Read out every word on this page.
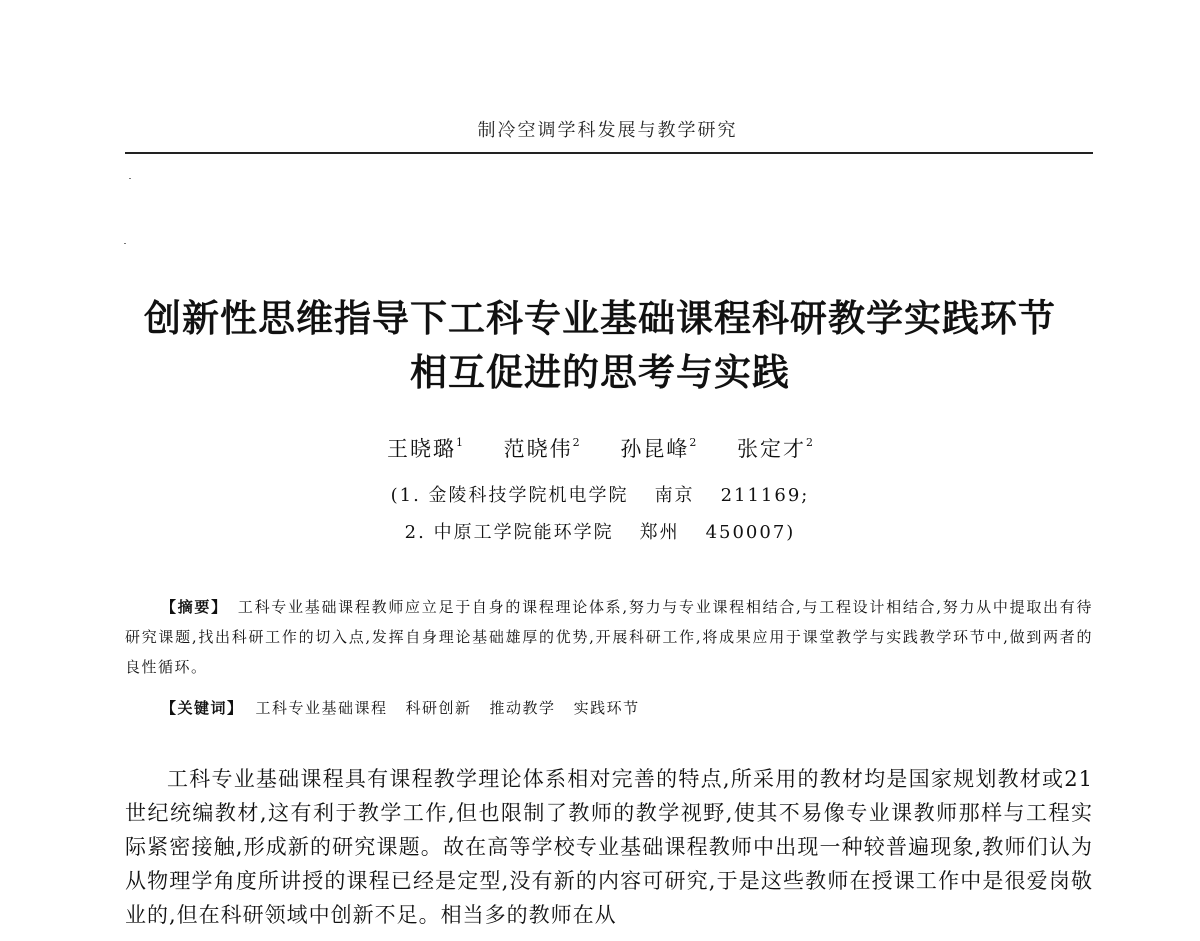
制冷空调学科发展与教学研究
创新性思维指导下工科专业基础课程科研教学实践环节
相互促进的思考与实践
王晓璐$^1$ 范晓伟$^2$ 孙昆峰$^2$ 张定才$^2$
(1. 金陵科技学院机电学院 南京 211169;
2. 中原工学院能环学院 郑州 450007)
【摘要】 工科专业基础课程教师应立足于自身的课程理论体系,努力与专业课程相结合,与工程设计相结合,努力从中提取出有待研究课题,找出科研工作的切入点,发挥自身理论基础雄厚的优势,开展科研工作,将成果应用于课堂教学与实践教学环节中,做到两者的良性循环。
【关键词】 工科专业基础课程 科研创新 推动教学 实践环节

工科专业基础课程具有课程教学理论体系相对完善的特点,所采用的教材均是国家规划教材或21世纪统编教材,这有利于教学工作,但也限制了教师的教学视野,使其不易像专业课教师那样与工程实际紧密接触,形成新的研究课题。故在高等学校专业基础课程教师中出现一种较普遍现象,教师们认为从物理学角度所讲授的课程已经是定型,没有新的内容可研究,于是这些教师在授课工作中是很爱岗敬业的,但在科研领域中创新不足。相当多的教师在从
